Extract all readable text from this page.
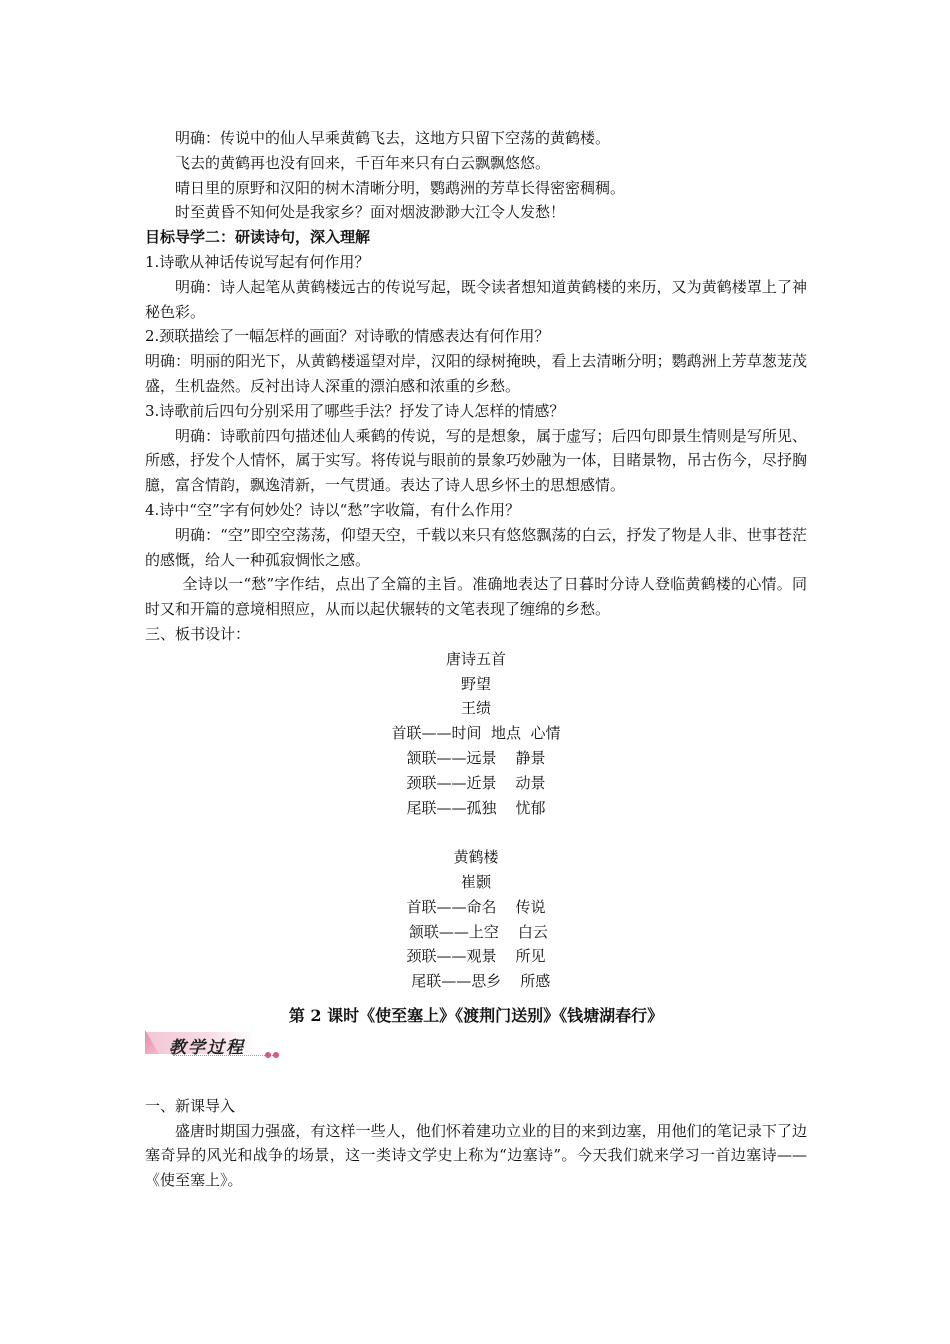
明确：传说中的仙人早乘黄鹤飞去，这地方只留下空荡的黄鹤楼。
飞去的黄鹤再也没有回来，千百年来只有白云飘飘悠悠。
晴日里的原野和汉阳的树木清晰分明，鹦鹉洲的芳草长得密密稠稠。
时至黄昏不知何处是我家乡？面对烟波渺渺大江令人发愁！
目标导学二：研读诗句，深入理解
1.诗歌从神话传说写起有何作用？
明确：诗人起笔从黄鹤楼远古的传说写起，既令读者想知道黄鹤楼的来历，又为黄鹤楼罩上了神秘色彩。
2.颈联描绘了一幅怎样的画面？对诗歌的情感表达有何作用？
明确：明丽的阳光下，从黄鹤楼遥望对岸，汉阳的绿树掩映，看上去清晰分明；鹦鹉洲上芳草葱茏茂盛，生机盎然。反衬出诗人深重的漂泊感和浓重的乡愁。
3.诗歌前后四句分别采用了哪些手法？抒发了诗人怎样的情感？
明确：诗歌前四句描述仙人乘鹤的传说，写的是想象，属于虚写；后四句即景生情则是写所见、所感，抒发个人情怀，属于实写。将传说与眼前的景象巧妙融为一体，目睹景物，吊古伤今，尽抒胸臆，富含情韵，飘逸清新，一气贯通。表达了诗人思乡怀土的思想感情。
4.诗中“空”字有何妙处？诗以“愁”字收篇，有什么作用？
明确：“空”即空空荡荡，仰望天空，千载以来只有悠悠飘荡的白云，抒发了物是人非、世事苍茫的感慨，给人一种孤寂惆怅之感。
全诗以一“愁”字作结，点出了全篇的主旨。准确地表达了日暮时分诗人登临黄鹤楼的心情。同时又和开篇的意境相照应，从而以起伏辗转的文笔表现了缠绵的乡愁。
三、板书设计：
唐诗五首
野望
王绩
首联——时间  地点  心情
颔联——远景    静景
颈联——近景    动景
尾联——孤独    忧郁
黄鹤楼
崔颢
首联——命名    传说
颔联——上空    白云
颈联——观景    所见
尾联——思乡    所感
第 2 课时《使至塞上》《渡荆门送别》《钱塘湖春行》
教学过程
一、新课导入
盛唐时期国力强盛，有这样一些人，他们怀着建功立业的目的来到边塞，用他们的笔记录下了边塞奇异的风光和战争的场景，这一类诗文学史上称为“边塞诗”。今天我们就来学习一首边塞诗——《使至塞上》。
